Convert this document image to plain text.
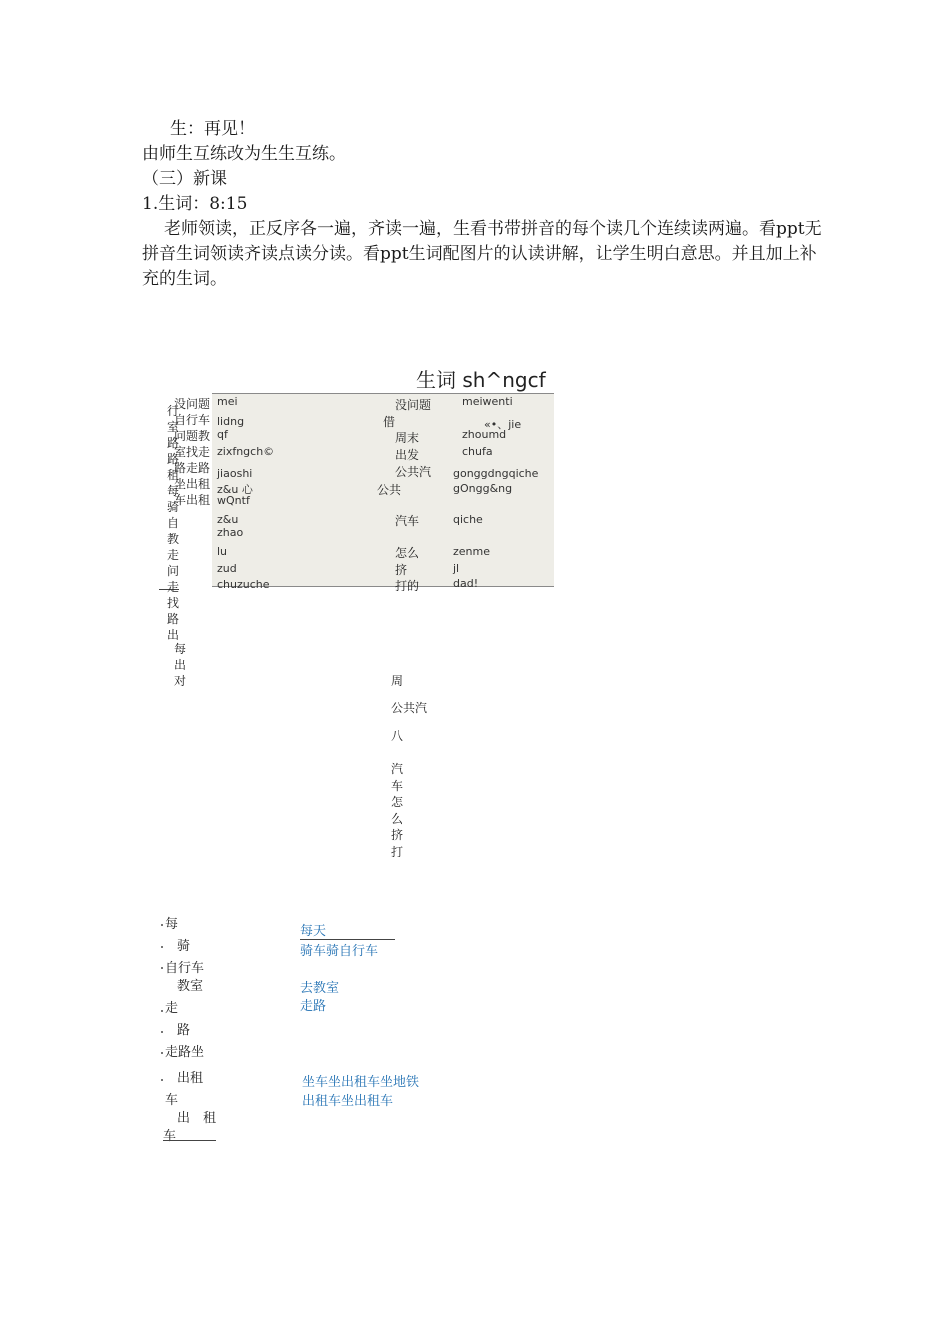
生：再见！
由师生互练改为生生互练。
（三）新课
1.生词：8:15
老师领读，正反序各一遍，齐读一遍，生看书带拼音的每个读几个连续读两遍。看ppt无拼音生词领读齐读点读分读。看ppt生词配图片的认读讲解，让学生明白意思。并且加上补充的生词。
生词 sh^ngcf
行室路路租每骑自教走问走找路出
没问题
自行车
问题教
室找走
路走路
坐出租
车出租
mei
lidng
qf
zixfngch©
jiaoshi
z&u 心
wQntf
z&u
zhao
lu
zud
chuzuche
没问题
借
周末
出发
公共汽
公共
汽车
怎么
挤
打的
meiwenti
«•、jie
zhoumd
chufa
gonggdngqiche
gOngg&ng
qiche
zenme
jl
dad!
每出对	周
公共汽
八
汽
车
怎
么
挤
打
每
骑
自行车
教室
走
路
走路坐
出租
车
出　租
车
每天
骑车骑自行车
去教室
走路
坐车坐出租车坐地铁
出租车坐出租车
